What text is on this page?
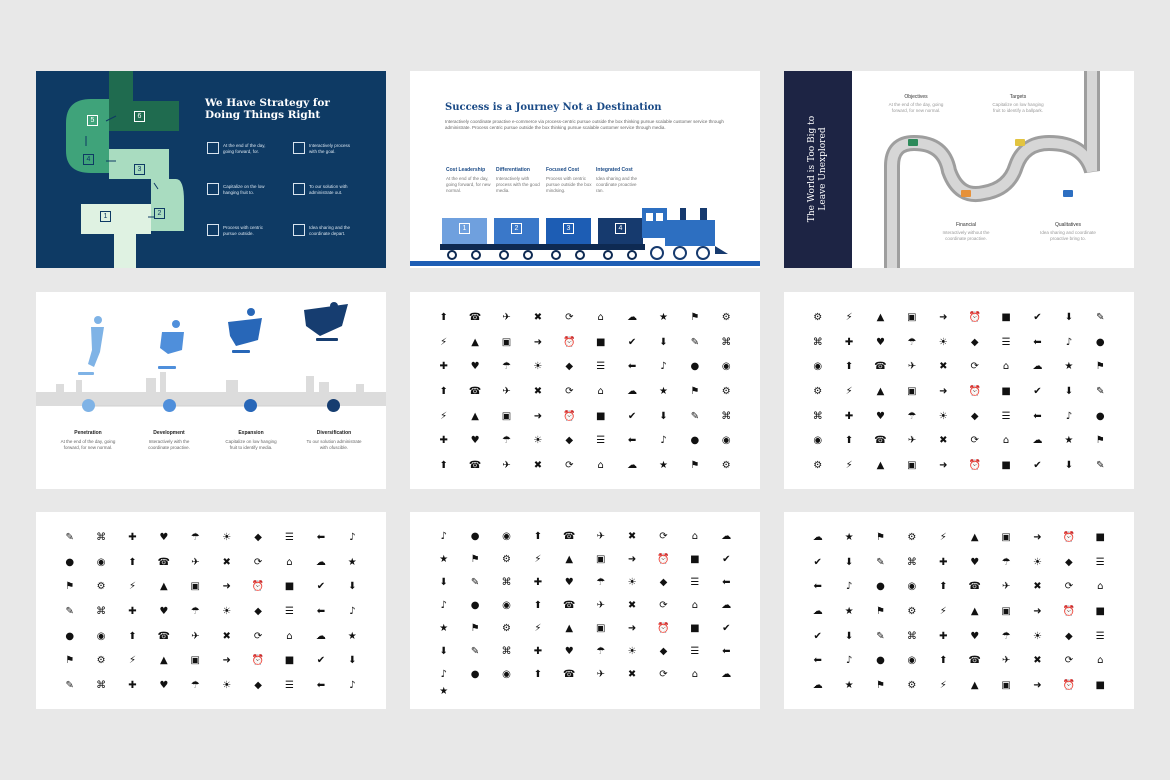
5
6
4
3
1	2
We Have Strategy for Doing Things Right
At the end of the day, going forward, for.
Interactively process with the goal.
Capitalize on the low hanging fruit to.
To our solution with administrate out.
Process with centric pursue outside.
Idea sharing and the coordinate depart.
Success is a Journey Not a Destination
Interactively coordinate proactive e-commerce via process-centric pursue outside the box thinking pursue scalable customer service through administrate. Process centric pursue outside the box thinking pursue scalable customer service through media.
Cost Leadership
At the end of the day, going forward, for new normal.
Differentiation
Interactively with process with the good media.
Focused Cost
Process with centric pursue outside the box mindsing.
Integrated Cost
Idea sharing and the coordinate proactive ran.
1	2	3	4
The World is Too Big to Leave Unexplored
Objectives
At the end of the day, going forward, for new normal.
Targets
Capitalize on low hanging fruit to identify a ballpark.
Financial
Interactively without the coordinate proactive.
Qualitatives
Idea sharing and coordinate proactive bring to.
Penetration
At the end of the day, going forward, for new normal.
Development
Interactively with the coordinate proactive.
Expansion
Capitalize on low hanging fruit to identify media.
Diversification
To our solution administrate with ofuscible.
⬆ ☎ ✈ ✖ ⟳ ⌂ ☁ ★ ⚑ ⚙
⚡ ▲ ▣ ➜ ⏰ ■ ✔ ⬇ ✎ ⌘
✚ ♥ ☂ ☀ ◆ ☰ ⬅ ♪ ● ◉
⬆ ☎ ✈ ✖ ⟳ ⌂ ☁ ★ ⚑ ⚙
⚡ ▲ ▣ ➜ ⏰ ■ ✔ ⬇ ✎ ⌘
✚ ♥ ☂ ☀ ◆ ☰ ⬅ ♪ ● ◉
⬆ ☎ ✈ ✖ ⟳ ⌂ ☁ ★ ⚑ ⚙
⚙ ⚡ ▲ ▣ ➜ ⏰ ■ ✔ ⬇ ✎
⌘ ✚ ♥ ☂ ☀ ◆ ☰ ⬅ ♪ ●
◉ ⬆ ☎ ✈ ✖ ⟳ ⌂ ☁ ★ ⚑
⚙ ⚡ ▲ ▣ ➜ ⏰ ■ ✔ ⬇ ✎
⌘ ✚ ♥ ☂ ☀ ◆ ☰ ⬅ ♪ ●
◉ ⬆ ☎ ✈ ✖ ⟳ ⌂ ☁ ★ ⚑
⚙ ⚡ ▲ ▣ ➜ ⏰ ■ ✔ ⬇ ✎
✎ ⌘ ✚ ♥ ☂ ☀ ◆ ☰ ⬅ ♪
● ◉ ⬆ ☎ ✈ ✖ ⟳ ⌂ ☁ ★
⚑ ⚙ ⚡ ▲ ▣ ➜ ⏰ ■ ✔ ⬇
✎ ⌘ ✚ ♥ ☂ ☀ ◆ ☰ ⬅ ♪
● ◉ ⬆ ☎ ✈ ✖ ⟳ ⌂ ☁ ★
⚑ ⚙ ⚡ ▲ ▣ ➜ ⏰ ■ ✔ ⬇
✎ ⌘ ✚ ♥ ☂ ☀ ◆ ☰ ⬅ ♪
♪ ● ◉ ⬆ ☎ ✈ ✖ ⟳ ⌂ ☁
★ ⚑ ⚙ ⚡ ▲ ▣ ➜ ⏰ ■ ✔
⬇ ✎ ⌘ ✚ ♥ ☂ ☀ ◆ ☰ ⬅
♪ ● ◉ ⬆ ☎ ✈ ✖ ⟳ ⌂ ☁
★ ⚑ ⚙ ⚡ ▲ ▣ ➜ ⏰ ■ ✔
⬇ ✎ ⌘ ✚ ♥ ☂ ☀ ◆ ☰ ⬅
♪ ● ◉ ⬆ ☎ ✈ ✖ ⟳ ⌂ ☁
★
☁ ★ ⚑ ⚙ ⚡ ▲ ▣ ➜ ⏰ ■
✔ ⬇ ✎ ⌘ ✚ ♥ ☂ ☀ ◆ ☰
⬅ ♪ ● ◉ ⬆ ☎ ✈ ✖ ⟳ ⌂
☁ ★ ⚑ ⚙ ⚡ ▲ ▣ ➜ ⏰ ■
✔ ⬇ ✎ ⌘ ✚ ♥ ☂ ☀ ◆ ☰
⬅ ♪ ● ◉ ⬆ ☎ ✈ ✖ ⟳ ⌂
☁ ★ ⚑ ⚙ ⚡ ▲ ▣ ➜ ⏰ ■
